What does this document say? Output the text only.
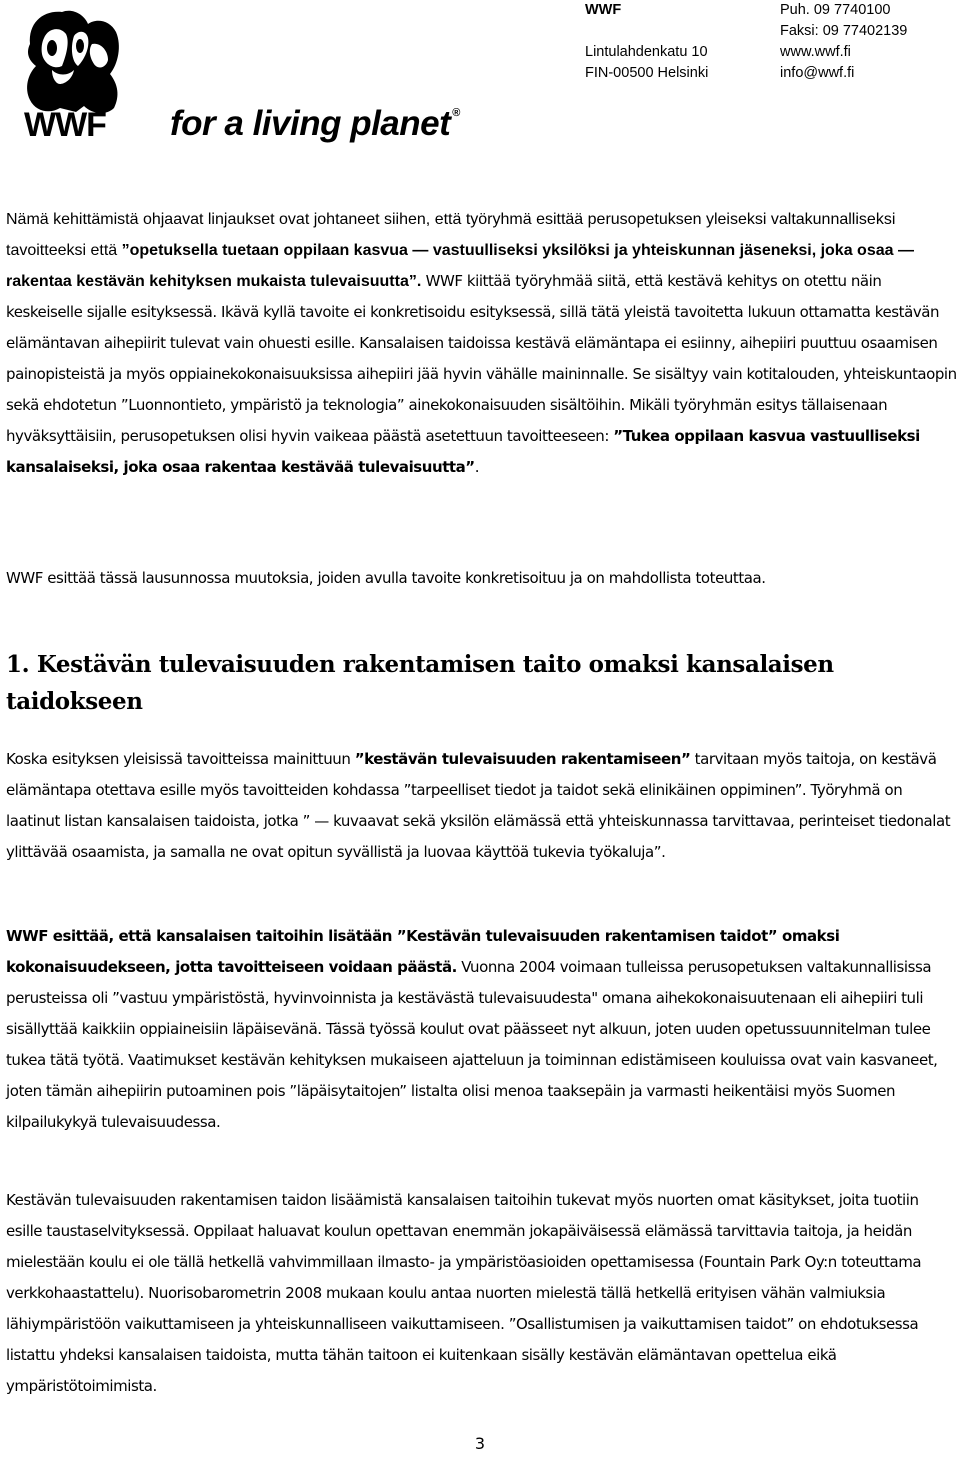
WWF for a living planet ®
WWF
Lintulahdenkatu 10
FIN-00500 Helsinki
Puh. 09 7740100
Faksi: 09 77402139
www.wwf.fi
info@wwf.fi

Nämä kehittämistä ohjaavat linjaukset ovat johtaneet siihen, että työryhmä esittää perusopetuksen yleiseksi valtakunnalliseksi tavoitteeksi että ”opetuksella tuetaan oppilaan kasvua — vastuulliseksi yksilöksi ja yhteiskunnan jäseneksi, joka osaa — rakentaa kestävän kehityksen mukaista tulevaisuutta”. WWF kiittää työryhmää siitä, että kestävä kehitys on otettu näin keskeiselle sijalle esityksessä. Ikävä kyllä tavoite ei konkretisoidu esityksessä, sillä tätä yleistä tavoitetta lukuun ottamatta kestävän elämäntavan aihepiirit tulevat vain ohuesti esille. Kansalaisen taidoissa kestävä elämäntapa ei esiinny, aihepiiri puuttuu osaamisen painopisteistä ja myös oppiainekokonaisuuksissa aihepiiri jää hyvin vähälle maininnalle. Se sisältyy vain kotitalouden, yhteiskuntaopin sekä ehdotetun ”Luonnontieto, ympäristö ja teknologia” ainekokonaisuuden sisältöihin. Mikäli työryhmän esitys tällaisenaan hyväksyttäisiin, perusopetuksen olisi hyvin vaikeaa päästä asetettuun tavoitteeseen: ”Tukea oppilaan kasvua vastuulliseksi kansalaiseksi, joka osaa rakentaa kestävää tulevaisuutta”.

WWF esittää tässä lausunnossa muutoksia, joiden avulla tavoite konkretisoituu ja on mahdollista toteuttaa.

1. Kestävän tulevaisuuden rakentamisen taito omaksi kansalaisen taidokseen

Koska esityksen yleisissä tavoitteissa mainittuun ”kestävän tulevaisuuden rakentamiseen” tarvitaan myös taitoja, on kestävä elämäntapa otettava esille myös tavoitteiden kohdassa ”tarpeelliset tiedot ja taidot sekä elinikäinen oppiminen”. Työryhmä on laatinut listan kansalaisen taidoista, jotka ” — kuvaavat sekä yksilön elämässä että yhteiskunnassa tarvittavaa, perinteiset tiedonalat ylittävää osaamista, ja samalla ne ovat opitun syvällistä ja luovaa käyttöä tukevia työkaluja”.

WWF esittää, että kansalaisen taitoihin lisätään ”Kestävän tulevaisuuden rakentamisen taidot” omaksi kokonaisuudekseen, jotta tavoitteiseen voidaan päästä. Vuonna 2004 voimaan tulleissa perusopetuksen valtakunnallisissa perusteissa oli ”vastuu ympäristöstä, hyvinvoinnista ja kestävästä tulevaisuudesta" omana aihekokonaisuutenaan eli aihepiiri tuli sisällyttää kaikkiin oppiaineisiin läpäisevänä. Tässä työssä koulut ovat päässeet nyt alkuun, joten uuden opetussuunnitelman tulee tukea tätä työtä. Vaatimukset kestävän kehityksen mukaiseen ajatteluun ja toiminnan edistämiseen kouluissa ovat vain kasvaneet, joten tämän aihepiirin putoaminen pois ”läpäisytaitojen” listalta olisi menoa taaksepäin ja varmasti heikentäisi myös Suomen kilpailukykyä tulevaisuudessa.

Kestävän tulevaisuuden rakentamisen taidon lisäämistä kansalaisen taitoihin tukevat myös nuorten omat käsitykset, joita tuotiin esille taustaselvityksessä. Oppilaat haluavat koulun opettavan enemmän jokapäiväisessä elämässä tarvittavia taitoja, ja heidän mielestään koulu ei ole tällä hetkellä vahvimmillaan ilmasto- ja ympäristöasioiden opettamisessa (Fountain Park Oy:n toteuttama verkkohaastattelu). Nuorisobarometrin 2008 mukaan koulu antaa nuorten mielestä tällä hetkellä erityisen vähän valmiuksia lähiympäristöön vaikuttamiseen ja yhteiskunnalliseen vaikuttamiseen. ”Osallistumisen ja vaikuttamisen taidot” on ehdotuksessa listattu yhdeksi kansalaisen taidoista, mutta tähän taitoon ei kuitenkaan sisälly kestävän elämäntavan opetteluа eikä ympäristötoimimista.

3
